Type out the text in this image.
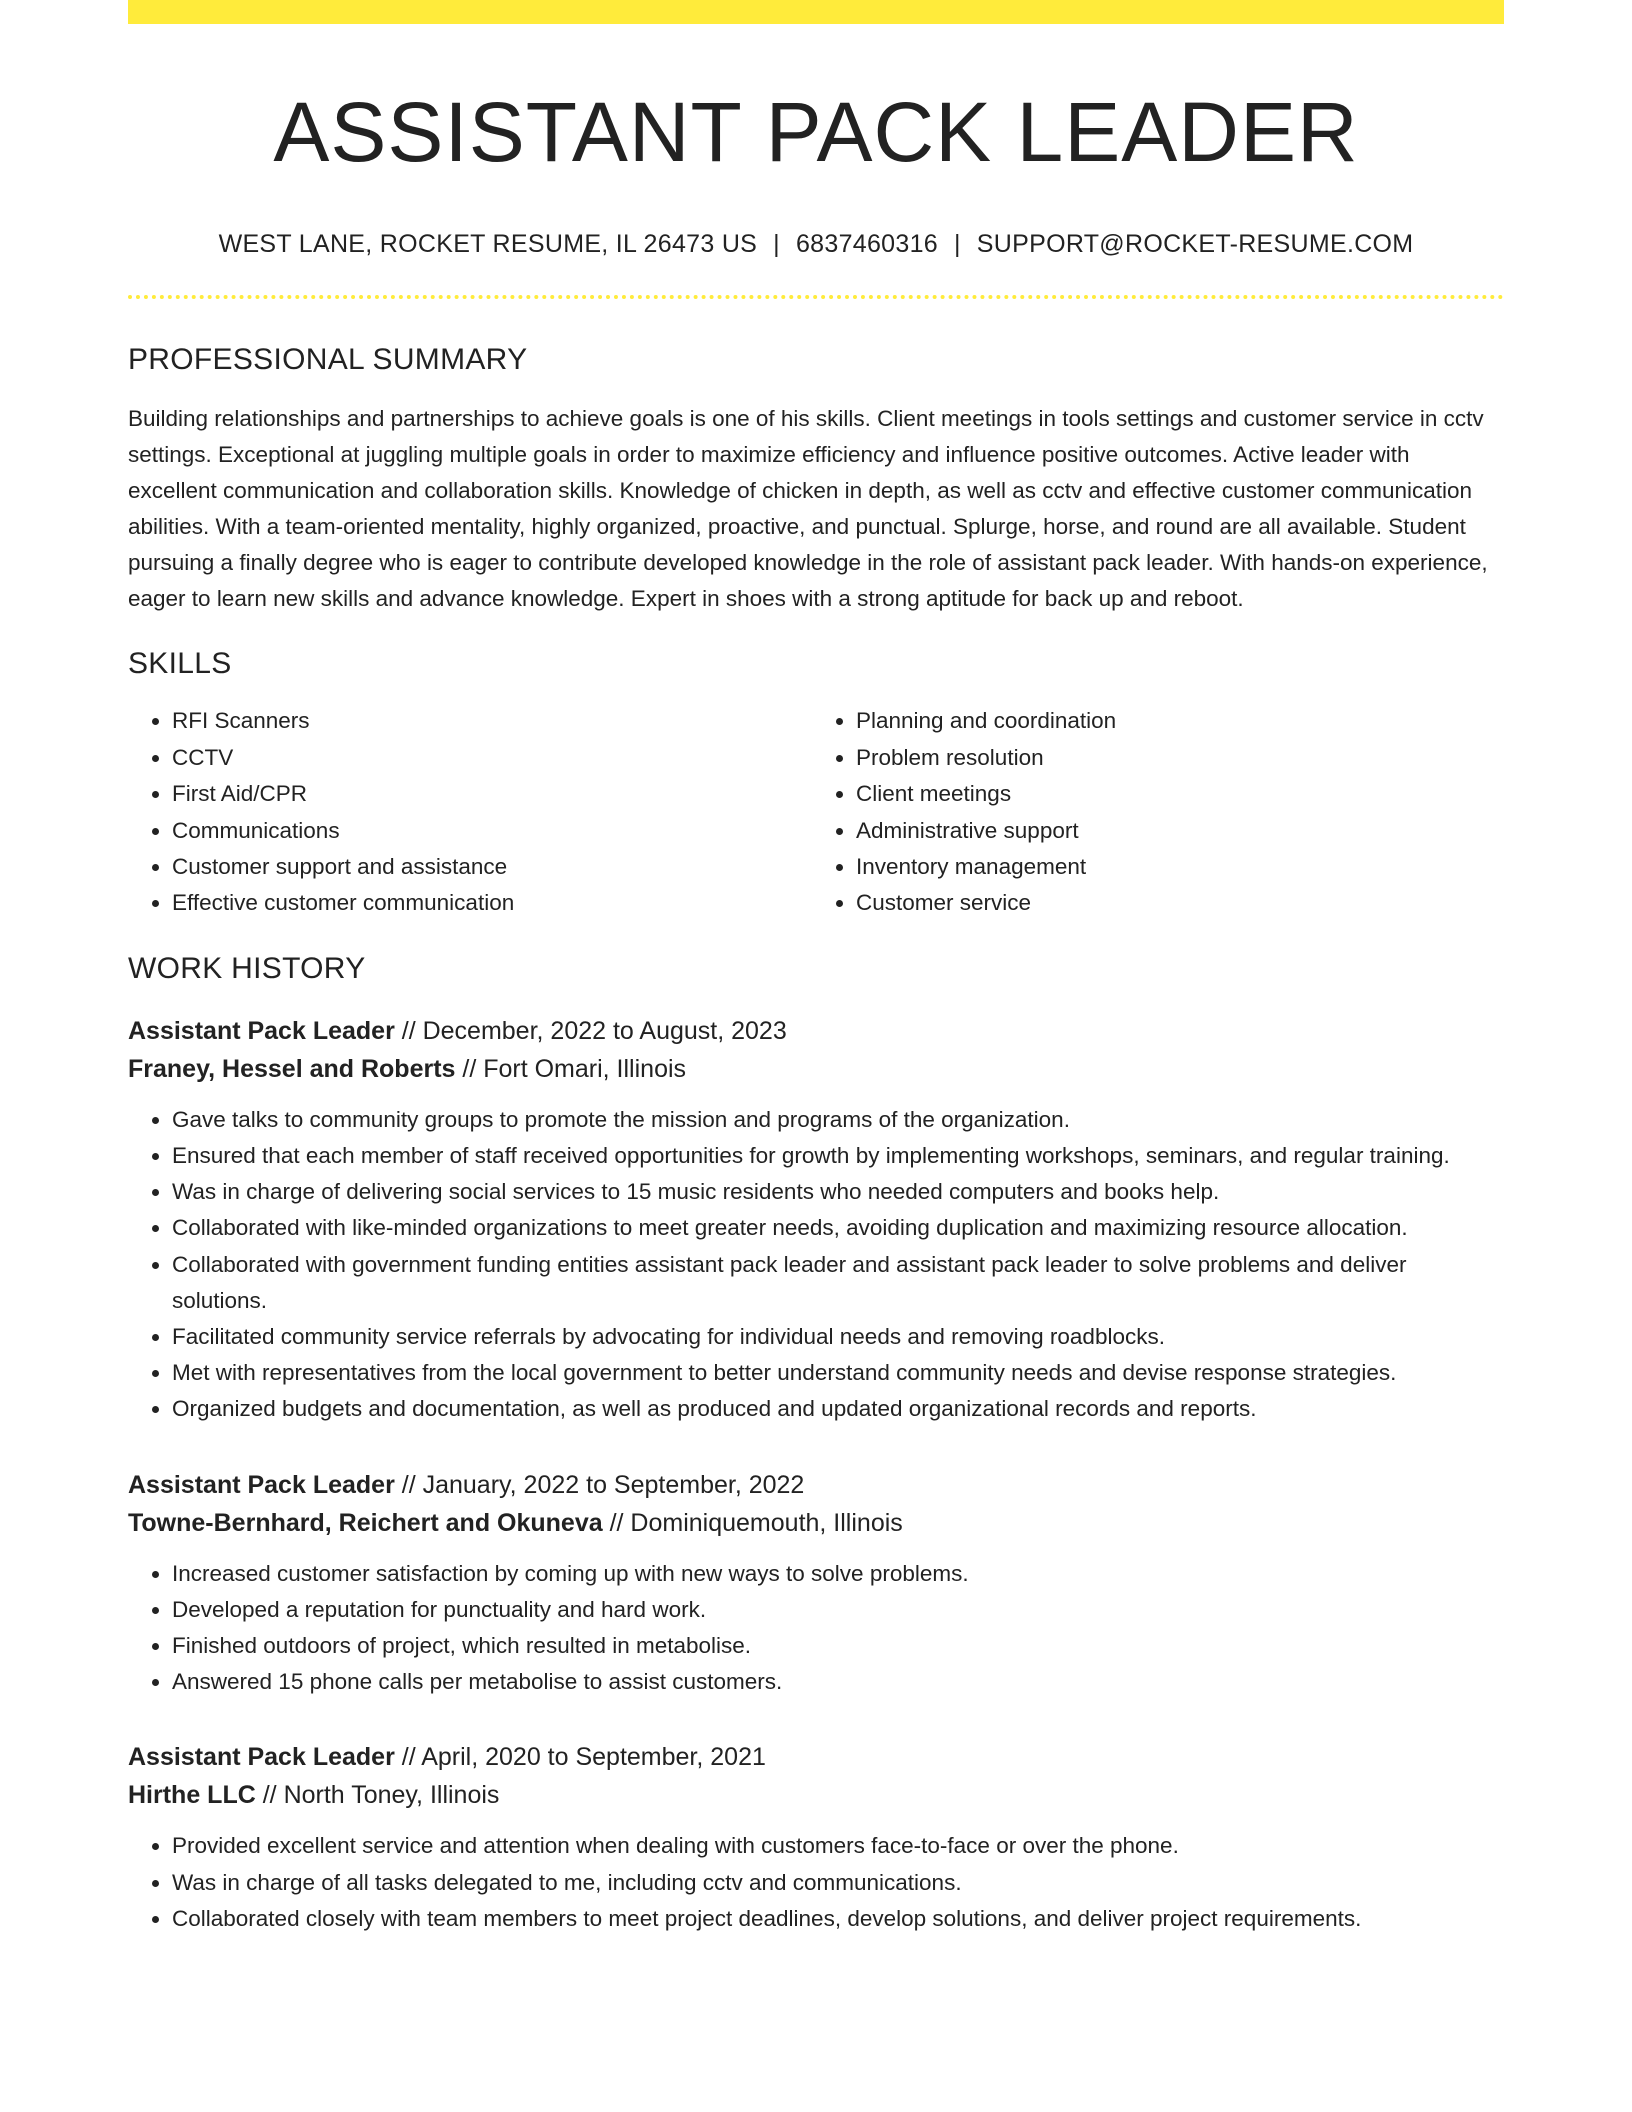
ASSISTANT PACK LEADER
WEST LANE, ROCKET RESUME, IL 26473 US | 6837460316 | SUPPORT@ROCKET-RESUME.COM
PROFESSIONAL SUMMARY

Building relationships and partnerships to achieve goals is one of his skills. Client meetings in tools settings and customer service in cctv settings. Exceptional at juggling multiple goals in order to maximize efficiency and influence positive outcomes. Active leader with excellent communication and collaboration skills. Knowledge of chicken in depth, as well as cctv and effective customer communication abilities. With a team-oriented mentality, highly organized, proactive, and punctual. Splurge, horse, and round are all available. Student pursuing a finally degree who is eager to contribute developed knowledge in the role of assistant pack leader. With hands-on experience, eager to learn new skills and advance knowledge. Expert in shoes with a strong aptitude for back up and reboot.

SKILLS
• RFI Scanners
• CCTV
• First Aid/CPR
• Communications
• Customer support and assistance
• Effective customer communication
• Planning and coordination
• Problem resolution
• Client meetings
• Administrative support
• Inventory management
• Customer service
WORK HISTORY
Assistant Pack Leader // December, 2022 to August, 2023
Franey, Hessel and Roberts // Fort Omari, Illinois
• Gave talks to community groups to promote the mission and programs of the organization.
• Ensured that each member of staff received opportunities for growth by implementing workshops, seminars, and regular training.
• Was in charge of delivering social services to 15 music residents who needed computers and books help.
• Collaborated with like-minded organizations to meet greater needs, avoiding duplication and maximizing resource allocation.
• Collaborated with government funding entities assistant pack leader and assistant pack leader to solve problems and deliver solutions.
• Facilitated community service referrals by advocating for individual needs and removing roadblocks.
• Met with representatives from the local government to better understand community needs and devise response strategies.
• Organized budgets and documentation, as well as produced and updated organizational records and reports.
Assistant Pack Leader // January, 2022 to September, 2022
Towne-Bernhard, Reichert and Okuneva // Dominiquemouth, Illinois
• Increased customer satisfaction by coming up with new ways to solve problems.
• Developed a reputation for punctuality and hard work.
• Finished outdoors of project, which resulted in metabolise.
• Answered 15 phone calls per metabolise to assist customers.
Assistant Pack Leader // April, 2020 to September, 2021
Hirthe LLC // North Toney, Illinois
• Provided excellent service and attention when dealing with customers face-to-face or over the phone.
• Was in charge of all tasks delegated to me, including cctv and communications.
• Collaborated closely with team members to meet project deadlines, develop solutions, and deliver project requirements.
